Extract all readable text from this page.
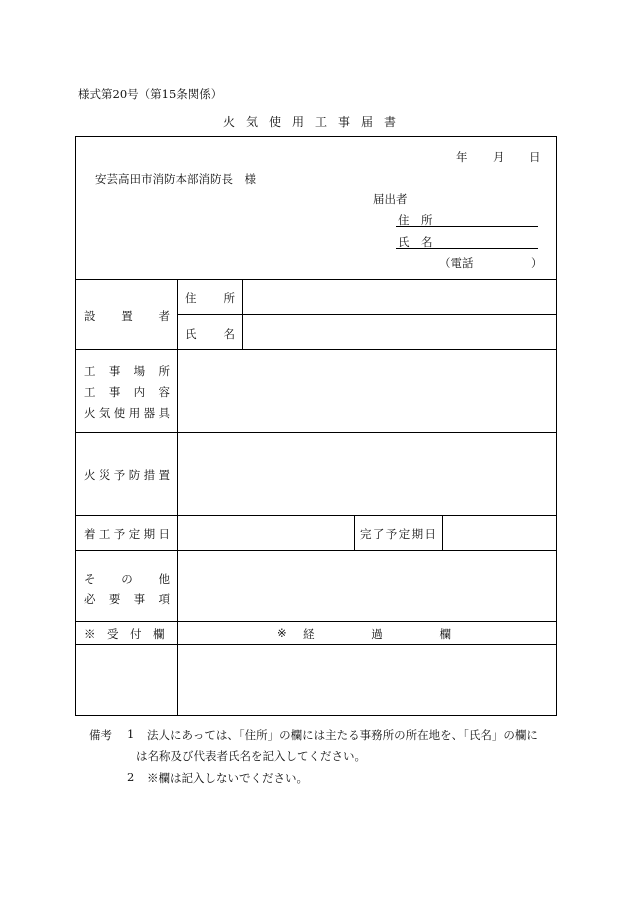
様式第20号（第15条関係）
火気使用工事届書
年 月 日
安芸高田市消防本部消防長　様
届出者
住　所
氏　名
（電話　　　　　）
設置者
住所
氏名
工事場所
工事内容
火気使用器具
火災予防措置
着工予定期日	完了予定期日
その他
必要事項
※　受　付　欄	※ 経過欄
備考 1 法人にあっては、「住所」の欄には主たる事務所の所在地を、「氏名」の欄に
は名称及び代表者氏名を記入してください。
2 ※欄は記入しないでください。
